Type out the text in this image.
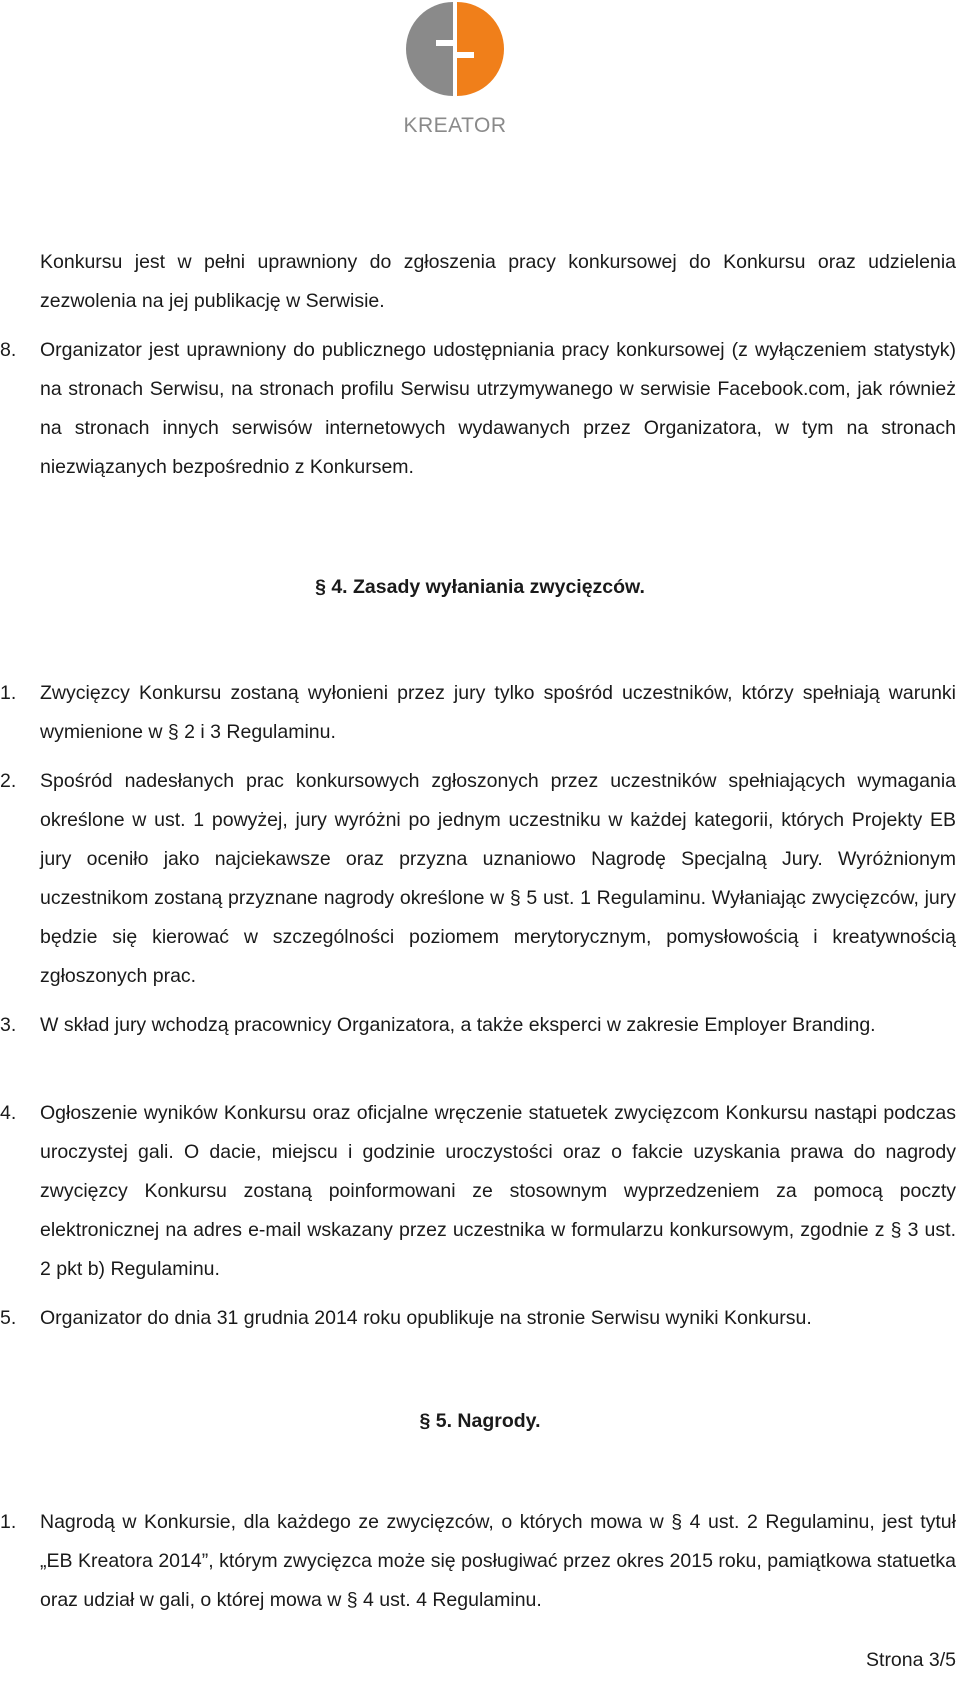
KREATOR

Konkursu jest w pełni uprawniony do zgłoszenia pracy konkursowej do Konkursu oraz udzielenia zezwolenia na jej publikację w Serwisie.

8.	Organizator jest uprawniony do publicznego udostępniania pracy konkursowej (z wyłączeniem statystyk) na stronach Serwisu, na stronach profilu Serwisu utrzymywanego w serwisie Facebook.com, jak również na stronach innych serwisów internetowych wydawanych przez Organizatora, w tym na stronach niezwiązanych bezpośrednio z Konkursem.
§ 4. Zasady wyłaniania zwycięzców.
1.	Zwycięzcy Konkursu zostaną wyłonieni przez jury tylko spośród uczestników, którzy spełniają warunki wymienione w § 2 i 3 Regulaminu.
2.	Spośród nadesłanych prac konkursowych zgłoszonych przez uczestników spełniających wymagania określone w ust. 1 powyżej, jury wyróżni po jednym uczestniku w każdej kategorii, których Projekty EB jury oceniło jako najciekawsze oraz przyzna uznaniowo Nagrodę Specjalną Jury. Wyróżnionym uczestnikom zostaną przyznane nagrody określone w § 5 ust. 1 Regulaminu. Wyłaniając zwycięzców, jury będzie się kierować w szczególności poziomem merytorycznym, pomysłowością i kreatywnością zgłoszonych prac.
3.	W skład jury wchodzą pracownicy Organizatora, a także eksperci w zakresie Employer Branding.
4.	Ogłoszenie wyników Konkursu oraz oficjalne wręczenie statuetek zwycięzcom Konkursu nastąpi podczas uroczystej gali. O dacie, miejscu i godzinie uroczystości oraz o fakcie uzyskania prawa do nagrody zwycięzcy Konkursu zostaną poinformowani ze stosownym wyprzedzeniem za pomocą poczty elektronicznej na adres e-mail wskazany przez uczestnika w formularzu konkursowym, zgodnie z § 3 ust. 2 pkt b) Regulaminu.
5.	Organizator do dnia 31 grudnia 2014 roku opublikuje na stronie Serwisu wyniki Konkursu.
§ 5. Nagrody.
1.	Nagrodą w Konkursie, dla każdego ze zwycięzców, o których mowa w § 4 ust. 2 Regulaminu, jest tytuł „EB Kreatora 2014”, którym zwycięzca może się posługiwać przez okres 2015 roku, pamiątkowa statuetka oraz udział w gali, o której mowa w § 4 ust. 4 Regulaminu.
Strona 3/5
